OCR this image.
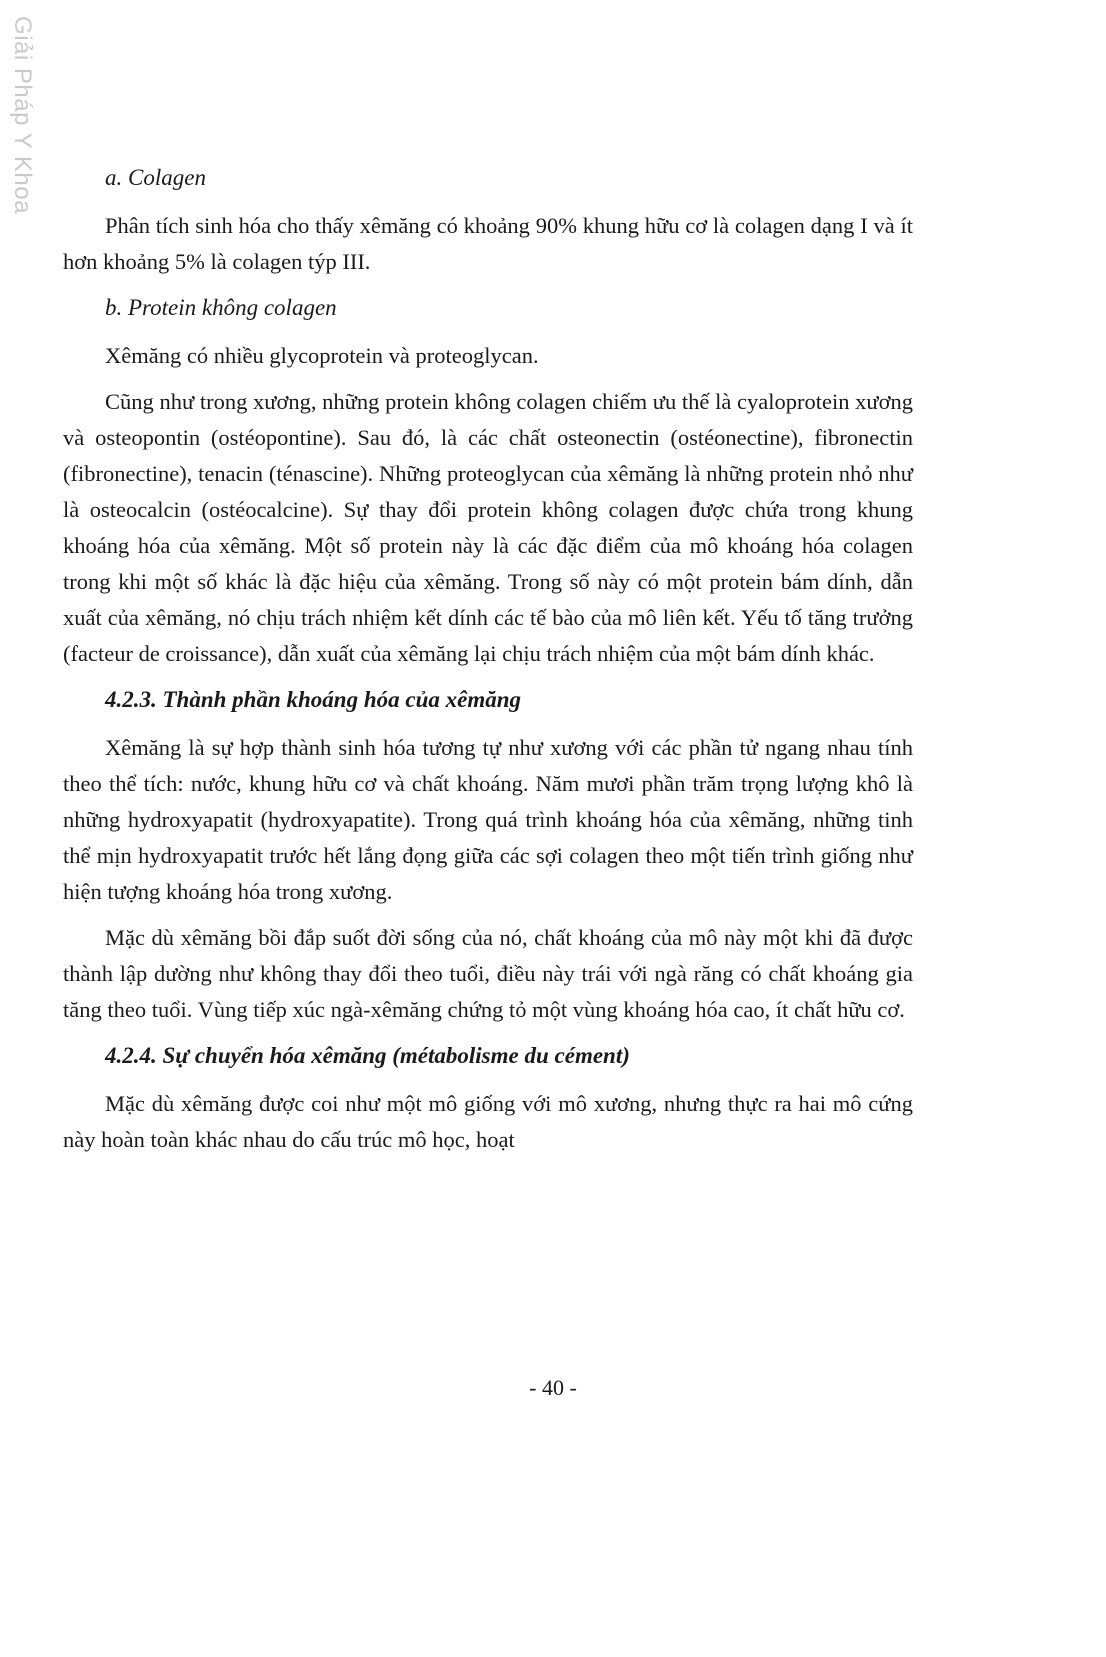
Giải Pháp Y Khoa	a. Colagen

Phân tích sinh hóa cho thấy xêmăng có khoảng 90% khung hữu cơ là colagen dạng I và ít hơn khoảng 5% là colagen týp III.

b. Protein không colagen

Xêmăng có nhiều glycoprotein và proteoglycan.

Cũng như trong xương, những protein không colagen chiếm ưu thế là cyaloprotein xương và osteopontin (ostéopontine). Sau đó, là các chất osteonectin (ostéonectine), fibronectin (fibronectine), tenacin (ténascine). Những proteoglycan của xêmăng là những protein nhỏ như là osteocalcin (ostéocalcine). Sự thay đổi protein không colagen được chứa trong khung khoáng hóa của xêmăng. Một số protein này là các đặc điểm của mô khoáng hóa colagen trong khi một số khác là đặc hiệu của xêmăng. Trong số này có một protein bám dính, dẫn xuất của xêmăng, nó chịu trách nhiệm kết dính các tế bào của mô liên kết. Yếu tố tăng trưởng (facteur de croissance), dẫn xuất của xêmăng lại chịu trách nhiệm của một bám dính khác.

4.2.3. Thành phần khoáng hóa của xêmăng

Xêmăng là sự hợp thành sinh hóa tương tự như xương với các phần tử ngang nhau tính theo thể tích: nước, khung hữu cơ và chất khoáng. Năm mươi phần trăm trọng lượng khô là những hydroxyapatit (hydroxyapatite). Trong quá trình khoáng hóa của xêmăng, những tinh thể mịn hydroxyapatit trước hết lắng đọng giữa các sợi colagen theo một tiến trình giống như hiện tượng khoáng hóa trong xương.

Mặc dù xêmăng bồi đắp suốt đời sống của nó, chất khoáng của mô này một khi đã được thành lập dường như không thay đổi theo tuổi, điều này trái với ngà răng có chất khoáng gia tăng theo tuổi. Vùng tiếp xúc ngà-xêmăng chứng tỏ một vùng khoáng hóa cao, ít chất hữu cơ.

4.2.4. Sự chuyển hóa xêmăng (métabolisme du cément)

Mặc dù xêmăng được coi như một mô giống với mô xương, nhưng thực ra hai mô cứng này hoàn toàn khác nhau do cấu trúc mô học, hoạt

- 40 -
